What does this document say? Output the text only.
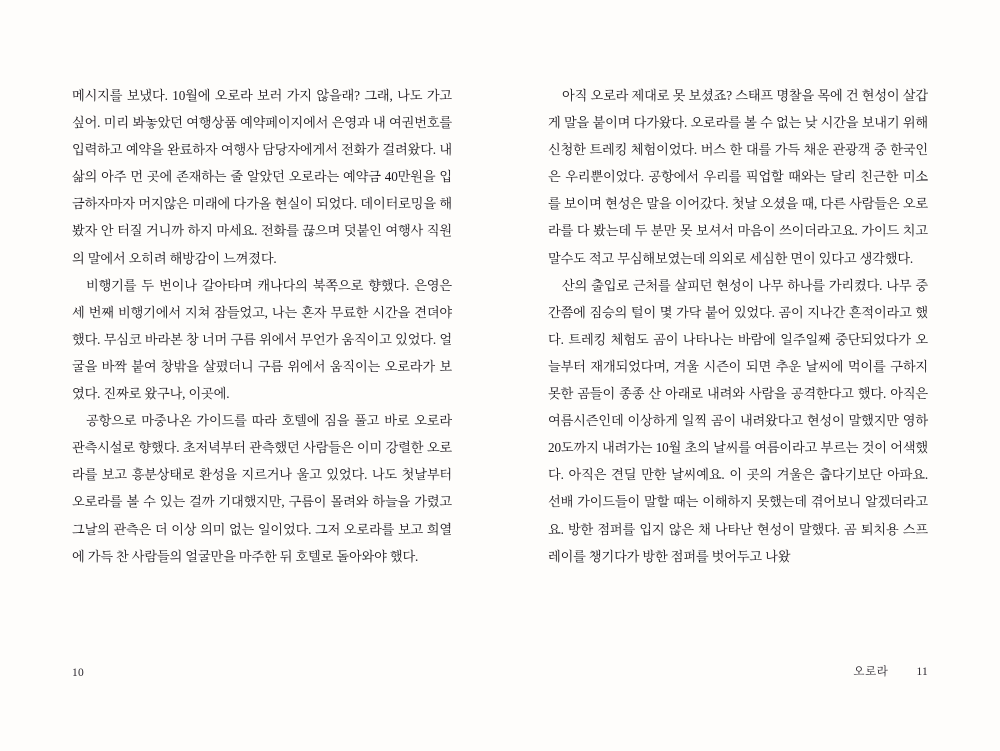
메시지를 보냈다. 10월에 오로라 보러 가지 않을래? 그래, 나도 가고 싶어. 미리 봐놓았던 여행상품 예약페이지에서 은영과 내 여권번호를 입력하고 예약을 완료하자 여행사 담당자에게서 전화가 걸려왔다. 내 삶의 아주 먼 곳에 존재하는 줄 알았던 오로라는 예약금 40만원을 입금하자마자 머지않은 미래에 다가올 현실이 되었다. 데이터로밍을 해봤자 안 터질 거니까 하지 마세요. 전화를 끊으며 덧붙인 여행사 직원의 말에서 오히려 해방감이 느껴졌다.

비행기를 두 번이나 갈아타며 캐나다의 북쪽으로 향했다. 은영은 세 번째 비행기에서 지쳐 잠들었고, 나는 혼자 무료한 시간을 견뎌야 했다. 무심코 바라본 창 너머 구름 위에서 무언가 움직이고 있었다. 얼굴을 바짝 붙여 창밖을 살폈더니 구름 위에서 움직이는 오로라가 보였다. 진짜로 왔구나, 이곳에.

공항으로 마중나온 가이드를 따라 호텔에 짐을 풀고 바로 오로라 관측시설로 향했다. 초저녁부터 관측했던 사람들은 이미 강렬한 오로라를 보고 흥분상태로 환성을 지르거나 울고 있었다. 나도 첫날부터 오로라를 볼 수 있는 걸까 기대했지만, 구름이 몰려와 하늘을 가렸고 그날의 관측은 더 이상 의미 없는 일이었다. 그저 오로라를 보고 희열에 가득 찬 사람들의 얼굴만을 마주한 뒤 호텔로 돌아와야 했다.

10

아직 오로라 제대로 못 보셨죠? 스태프 명찰을 목에 건 현성이 살갑게 말을 붙이며 다가왔다. 오로라를 볼 수 없는 낮 시간을 보내기 위해 신청한 트레킹 체험이었다. 버스 한 대를 가득 채운 관광객 중 한국인은 우리뿐이었다. 공항에서 우리를 픽업할 때와는 달리 친근한 미소를 보이며 현성은 말을 이어갔다. 첫날 오셨을 때, 다른 사람들은 오로라를 다 봤는데 두 분만 못 보셔서 마음이 쓰이더라고요. 가이드 치고 말수도 적고 무심해보였는데 의외로 세심한 면이 있다고 생각했다.

산의 출입로 근처를 살피던 현성이 나무 하나를 가리켰다. 나무 중간쯤에 짐승의 털이 몇 가닥 붙어 있었다. 곰이 지나간 흔적이라고 했다. 트레킹 체험도 곰이 나타나는 바람에 일주일째 중단되었다가 오늘부터 재개되었다며, 겨울 시즌이 되면 추운 날씨에 먹이를 구하지 못한 곰들이 종종 산 아래로 내려와 사람을 공격한다고 했다. 아직은 여름시즌인데 이상하게 일찍 곰이 내려왔다고 현성이 말했지만 영하 20도까지 내려가는 10월 초의 날씨를 여름이라고 부르는 것이 어색했다. 아직은 견딜 만한 날씨예요. 이 곳의 겨울은 춥다기보단 아파요. 선배 가이드들이 말할 때는 이해하지 못했는데 겪어보니 알겠더라고요. 방한 점퍼를 입지 않은 채 나타난 현성이 말했다. 곰 퇴치용 스프레이를 챙기다가 방한 점퍼를 벗어두고 나왔

오로라 11
